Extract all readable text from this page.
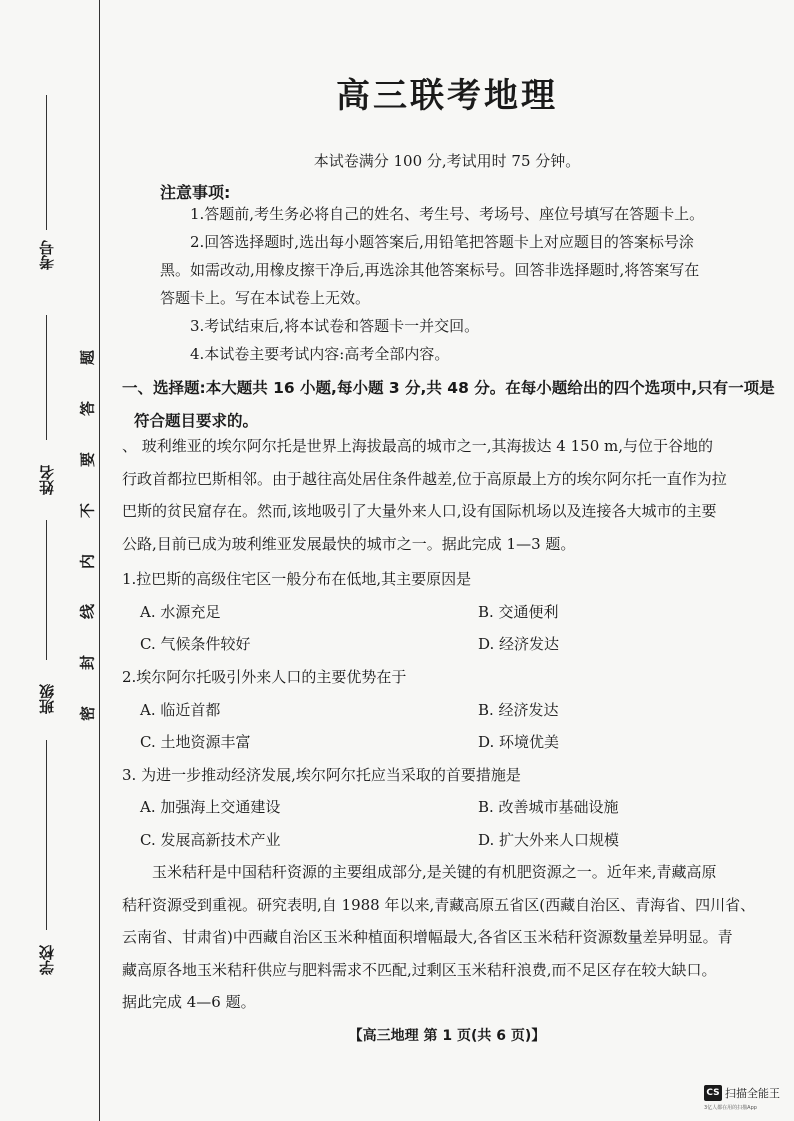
考号
姓名
班级
学校
题
答
要
不
内
线
封
密
高三联考地理
本试卷满分 100 分,考试用时 75 分钟。
注意事项:
1.答题前,考生务必将自己的姓名、考生号、考场号、座位号填写在答题卡上。
2.回答选择题时,选出每小题答案后,用铅笔把答题卡上对应题目的答案标号涂
黑。如需改动,用橡皮擦干净后,再选涂其他答案标号。回答非选择题时,将答案写在
答题卡上。写在本试卷上无效。
3.考试结束后,将本试卷和答题卡一并交回。
4.本试卷主要考试内容:高考全部内容。
一、选择题:本大题共 16 小题,每小题 3 分,共 48 分。在每小题给出的四个选项中,只有一项是
符合题目要求的。
、 玻利维亚的埃尔阿尔托是世界上海拔最高的城市之一,其海拔达 4 150 m,与位于谷地的
行政首都拉巴斯相邻。由于越往高处居住条件越差,位于高原最上方的埃尔阿尔托一直作为拉
巴斯的贫民窟存在。然而,该地吸引了大量外来人口,设有国际机场以及连接各大城市的主要
公路,目前已成为玻利维亚发展最快的城市之一。据此完成 1—3 题。
1.拉巴斯的高级住宅区一般分布在低地,其主要原因是
A. 水源充足	B. 交通便利
C. 气候条件较好	D. 经济发达
2.埃尔阿尔托吸引外来人口的主要优势在于
A. 临近首都	B. 经济发达
C. 土地资源丰富	D. 环境优美
3. 为进一步推动经济发展,埃尔阿尔托应当采取的首要措施是
A. 加强海上交通建设	B. 改善城市基础设施
C. 发展高新技术产业	D. 扩大外来人口规模
玉米秸秆是中国秸秆资源的主要组成部分,是关键的有机肥资源之一。近年来,青藏高原
秸秆资源受到重视。研究表明,自 1988 年以来,青藏高原五省区(西藏自治区、青海省、四川省、
云南省、甘肃省)中西藏自治区玉米种植面积增幅最大,各省区玉米秸秆资源数量差异明显。青
藏高原各地玉米秸秆供应与肥料需求不匹配,过剩区玉米秸秆浪费,而不足区存在较大缺口。
据此完成 4—6 题。
【高三地理 第 1 页(共 6 页)】
CS 扫描全能王
3亿人都在用的扫描App
